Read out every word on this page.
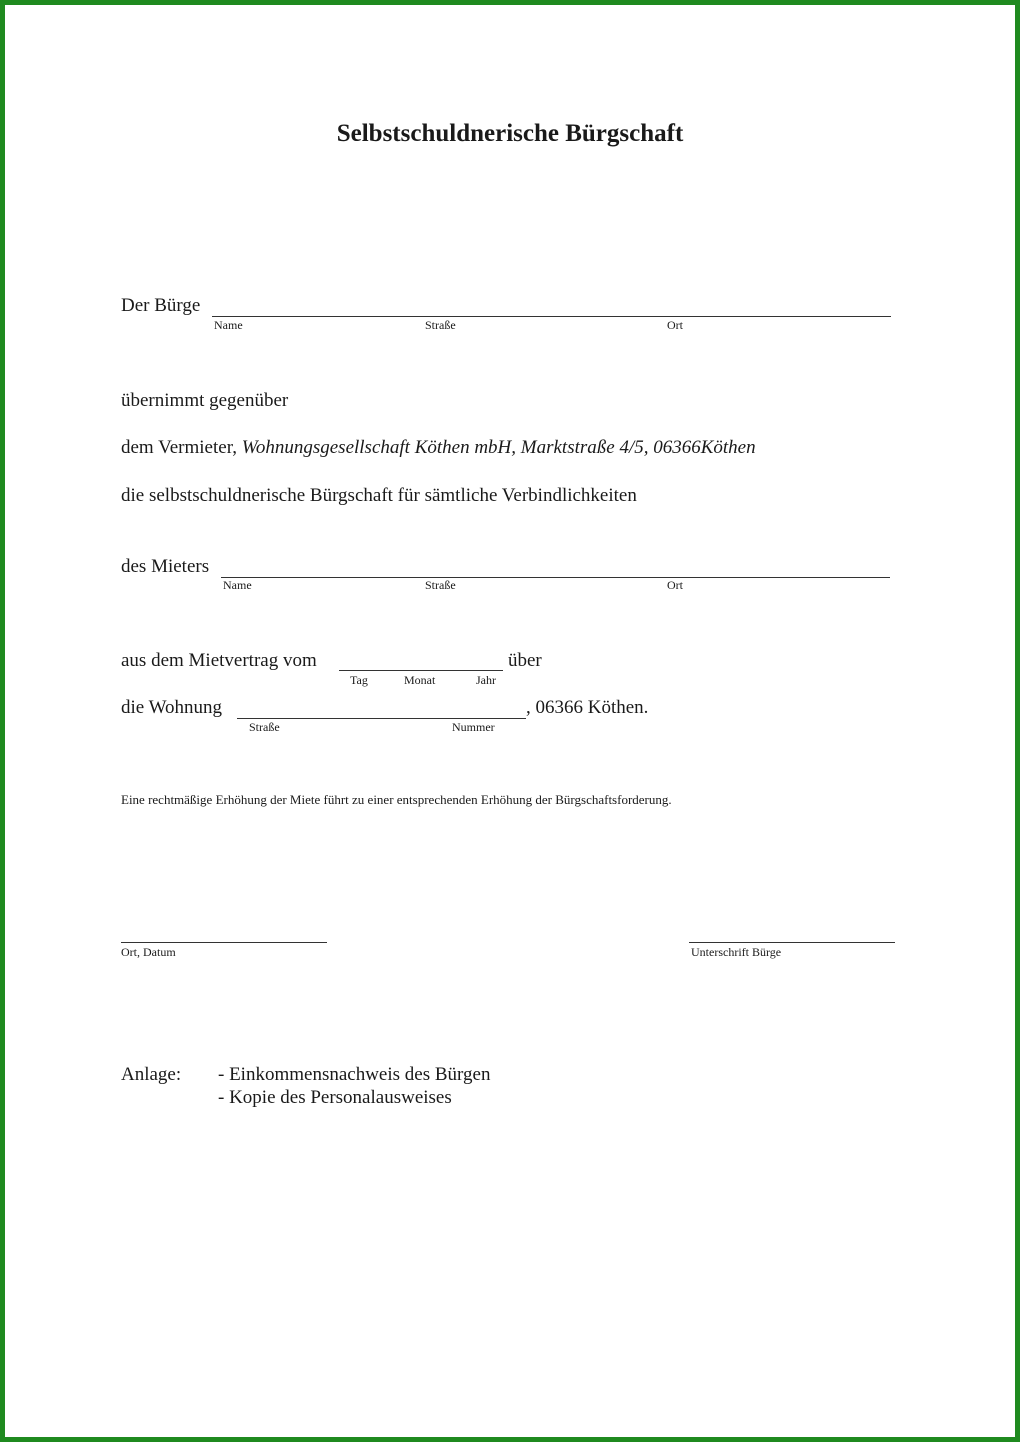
Selbstschuldnerische Bürgschaft
Der Bürge
Name	Straße	Ort
übernimmt gegenüber
dem Vermieter, Wohnungsgesellschaft Köthen mbH, Marktstraße 4/5, 06366Köthen
die selbstschuldnerische Bürgschaft für sämtliche Verbindlichkeiten
des Mieters
Name	Straße	Ort
aus dem Mietvertrag vom	über
Tag	Monat	Jahr
die Wohnung	, 06366 Köthen.
Straße	Nummer
Eine rechtmäßige Erhöhung der Miete führt zu einer entsprechenden Erhöhung der Bürgschaftsforderung.
Ort, Datum	Unterschrift Bürge
Anlage: - Einkommensnachweis des Bürgen
- Kopie des Personalausweises
